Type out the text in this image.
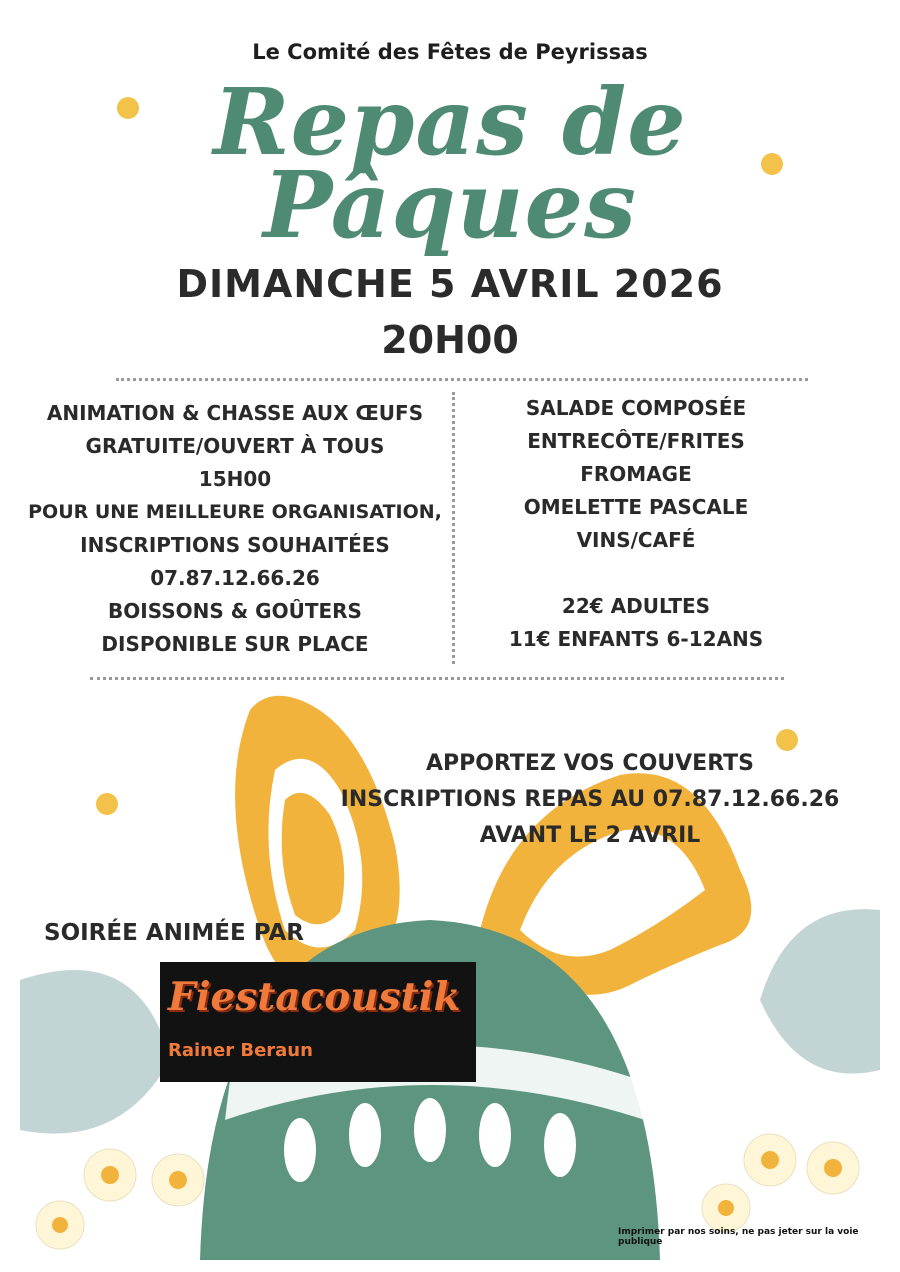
Le Comité des Fêtes de Peyrissas
Repas de
Pâques
DIMANCHE 5 AVRIL 2026
20H00
ANIMATION & CHASSE AUX ŒUFS
GRATUITE/OUVERT À TOUS
15H00
POUR UNE MEILLEURE ORGANISATION,
INSCRIPTIONS SOUHAITÉES
07.87.12.66.26
BOISSONS & GOÛTERS
DISPONIBLE SUR PLACE
SALADE COMPOSÉE
ENTRECÔTE/FRITES
FROMAGE
OMELETTE PASCALE
VINS/CAFÉ
22€ ADULTES
11€ ENFANTS 6-12ANS
APPORTEZ VOS COUVERTS
INSCRIPTIONS REPAS AU 07.87.12.66.26
AVANT LE 2 AVRIL
SOIRÉE ANIMÉE PAR
Fiestacoustik
Rainer Beraun
Imprimer par nos soins, ne pas jeter sur la voie publique
